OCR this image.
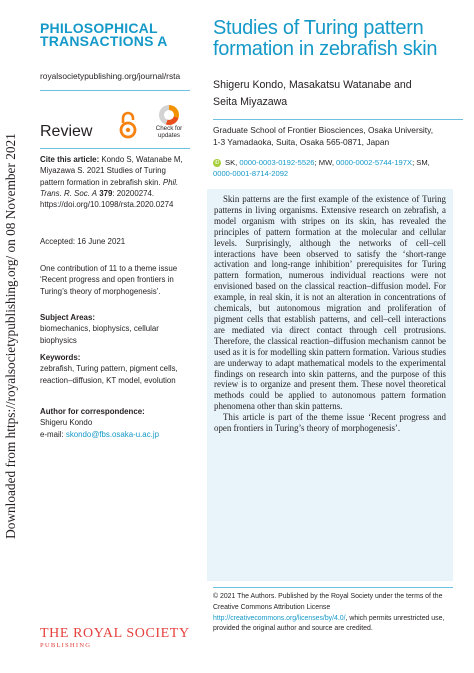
Downloaded from https://royalsocietypublishing.org/ on 08 November 2021
PHILOSOPHICAL
TRANSACTIONS A
royalsocietypublishing.org/journal/rsta
Review	Check for
updates
Cite this article: Kondo S, Watanabe M, Miyazawa S. 2021 Studies of Turing pattern formation in zebrafish skin. Phil. Trans. R. Soc. A 379: 20200274.
https://doi.org/10.1098/rsta.2020.0274
Accepted: 16 June 2021
One contribution of 11 to a theme issue ‘Recent progress and open frontiers in Turing’s theory of morphogenesis’.
Subject Areas:
biomechanics, biophysics, cellular biophysics
Keywords:
zebrafish, Turing pattern, pigment cells, reaction–diffusion, KT model, evolution
Author for correspondence:
Shigeru Kondo
e-mail: skondo@fbs.osaka-u.ac.jp
THE ROYAL SOCIETY
PUBLISHING
Studies of Turing pattern formation in zebrafish skin
Shigeru Kondo, Masakatsu Watanabe and
Seita Miyazawa
Graduate School of Frontier Biosciences, Osaka University,
1-3 Yamadaoka, Suita, Osaka 565-0871, Japan
iD SK, 0000-0003-0192-5526; MW, 0000-0002-5744-197X; SM,
0000-0001-8714-2092

Skin patterns are the first example of the existence of Turing patterns in living organisms. Extensive research on zebrafish, a model organism with stripes on its skin, has revealed the principles of pattern formation at the molecular and cellular levels. Surprisingly, although the networks of cell–cell interactions have been observed to satisfy the ‘short-range activation and long-range inhibition’ prerequisites for Turing pattern formation, numerous individual reactions were not envisioned based on the classical reaction–diffusion model. For example, in real skin, it is not an alteration in concentrations of chemicals, but autonomous migration and proliferation of pigment cells that establish patterns, and cell–cell interactions are mediated via direct contact through cell protrusions. Therefore, the classical reaction–diffusion mechanism cannot be used as it is for modelling skin pattern formation. Various studies are underway to adapt mathematical models to the experimental findings on research into skin patterns, and the purpose of this review is to organize and present them. These novel theoretical methods could be applied to autonomous pattern formation phenomena other than skin patterns.

This article is part of the theme issue ‘Recent progress and open frontiers in Turing’s theory of morphogenesis’.

© 2021 The Authors. Published by the Royal Society under the terms of the Creative Commons Attribution License http://creativecommons.org/licenses/by/4.0/, which permits unrestricted use, provided the original author and source are credited.
